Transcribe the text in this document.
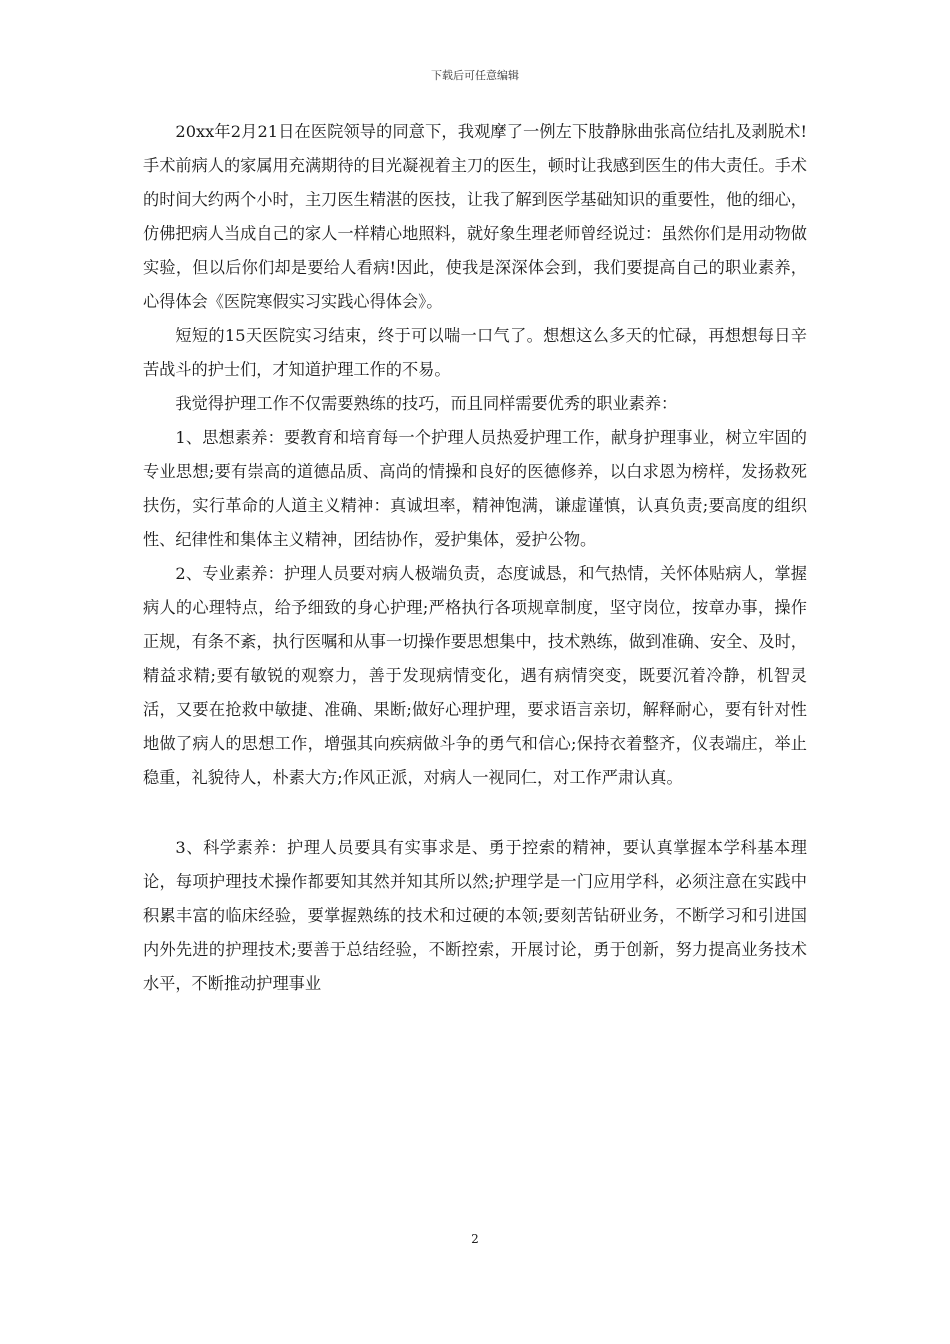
下载后可任意编辑

20xx年2月21日在医院领导的同意下，我观摩了一例左下肢静脉曲张高位结扎及剥脱术!手术前病人的家属用充满期待的目光凝视着主刀的医生，顿时让我感到医生的伟大责任。手术的时间大约两个小时，主刀医生精湛的医技，让我了解到医学基础知识的重要性，他的细心，仿佛把病人当成自己的家人一样精心地照料，就好象生理老师曾经说过：虽然你们是用动物做实验，但以后你们却是要给人看病!因此，使我是深深体会到，我们要提高自己的职业素养，心得体会《医院寒假实习实践心得体会》。

短短的15天医院实习结束，终于可以喘一口气了。想想这么多天的忙碌，再想想每日辛苦战斗的护士们，才知道护理工作的不易。

我觉得护理工作不仅需要熟练的技巧，而且同样需要优秀的职业素养：

1、思想素养：要教育和培育每一个护理人员热爱护理工作，献身护理事业，树立牢固的专业思想;要有崇高的道德品质、高尚的情操和良好的医德修养，以白求恩为榜样，发扬救死扶伤，实行革命的人道主义精神：真诚坦率，精神饱满，谦虚谨慎，认真负责;要高度的组织性、纪律性和集体主义精神，团结协作，爱护集体，爱护公物。

2、专业素养：护理人员要对病人极端负责，态度诚恳，和气热情，关怀体贴病人，掌握病人的心理特点，给予细致的身心护理;严格执行各项规章制度，坚守岗位，按章办事，操作正规，有条不紊，执行医嘱和从事一切操作要思想集中，技术熟练，做到准确、安全、及时，精益求精;要有敏锐的观察力，善于发现病情变化，遇有病情突变，既要沉着冷静，机智灵活，又要在抢救中敏捷、准确、果断;做好心理护理，要求语言亲切，解释耐心，要有针对性地做了病人的思想工作，增强其向疾病做斗争的勇气和信心;保持衣着整齐，仪表端庄，举止稳重，礼貌待人，朴素大方;作风正派，对病人一视同仁，对工作严肃认真。

3、科学素养：护理人员要具有实事求是、勇于控索的精神，要认真掌握本学科基本理论，每项护理技术操作都要知其然并知其所以然;护理学是一门应用学科，必须注意在实践中积累丰富的临床经验，要掌握熟练的技术和过硬的本领;要刻苦钻研业务，不断学习和引进国内外先进的护理技术;要善于总结经验，不断控索，开展讨论，勇于创新，努力提高业务技术水平，不断推动护理事业

2
